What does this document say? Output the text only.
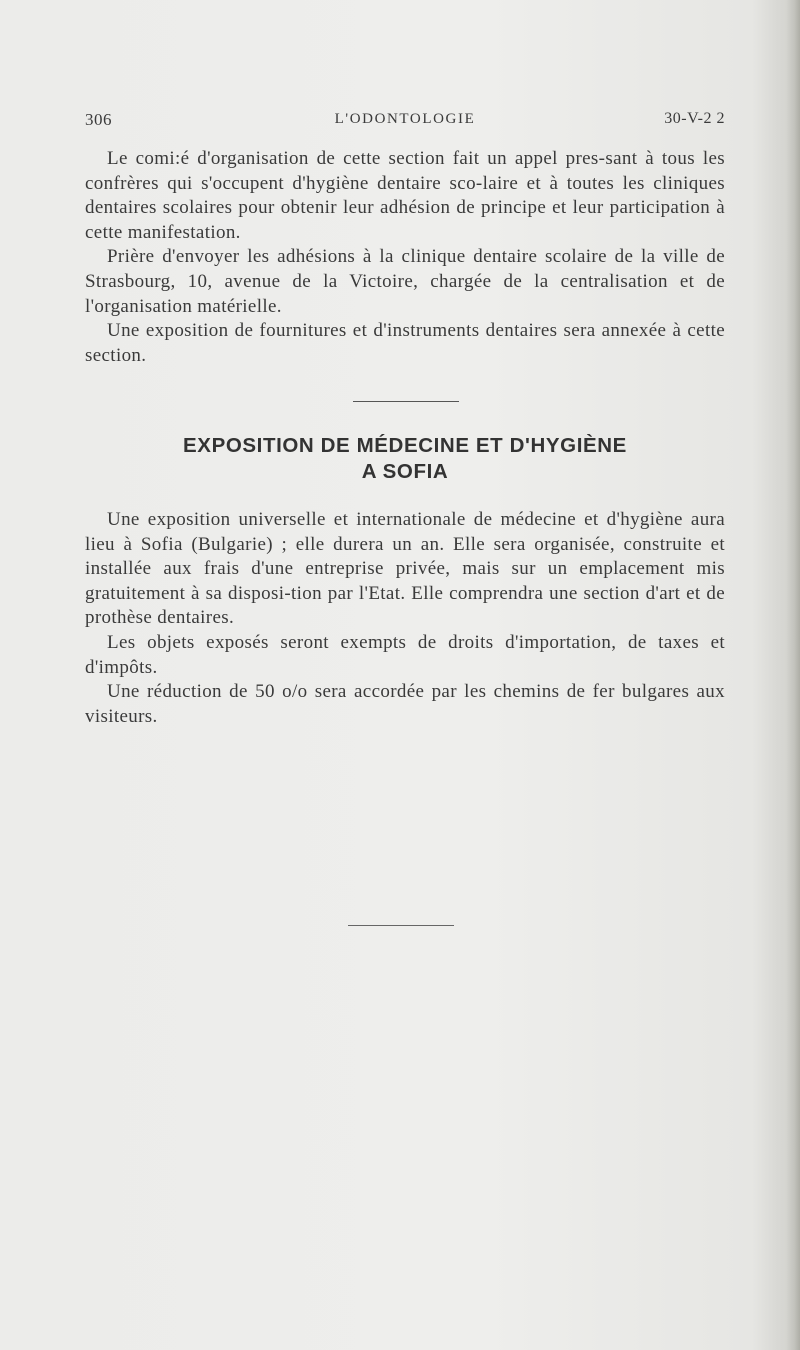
306	L'ODONTOLOGIE	30-V-2 2

Le comi:é d'organisation de cette section fait un appel pres-sant à tous les confrères qui s'occupent d'hygiène dentaire sco-laire et à toutes les cliniques dentaires scolaires pour obtenir leur adhésion de principe et leur participation à cette manifestation.

Prière d'envoyer les adhésions à la clinique dentaire scolaire de la ville de Strasbourg, 10, avenue de la Victoire, chargée de la centralisation et de l'organisation matérielle.

Une exposition de fournitures et d'instruments dentaires sera annexée à cette section.

EXPOSITION DE MÉDECINE ET D'HYGIÈNE
A SOFIA

Une exposition universelle et internationale de médecine et d'hygiène aura lieu à Sofia (Bulgarie) ; elle durera un an. Elle sera organisée, construite et installée aux frais d'une entreprise privée, mais sur un emplacement mis gratuitement à sa disposi-tion par l'Etat. Elle comprendra une section d'art et de prothèse dentaires.

Les objets exposés seront exempts de droits d'importation, de taxes et d'impôts.

Une réduction de 50 o/o sera accordée par les chemins de fer bulgares aux visiteurs.
